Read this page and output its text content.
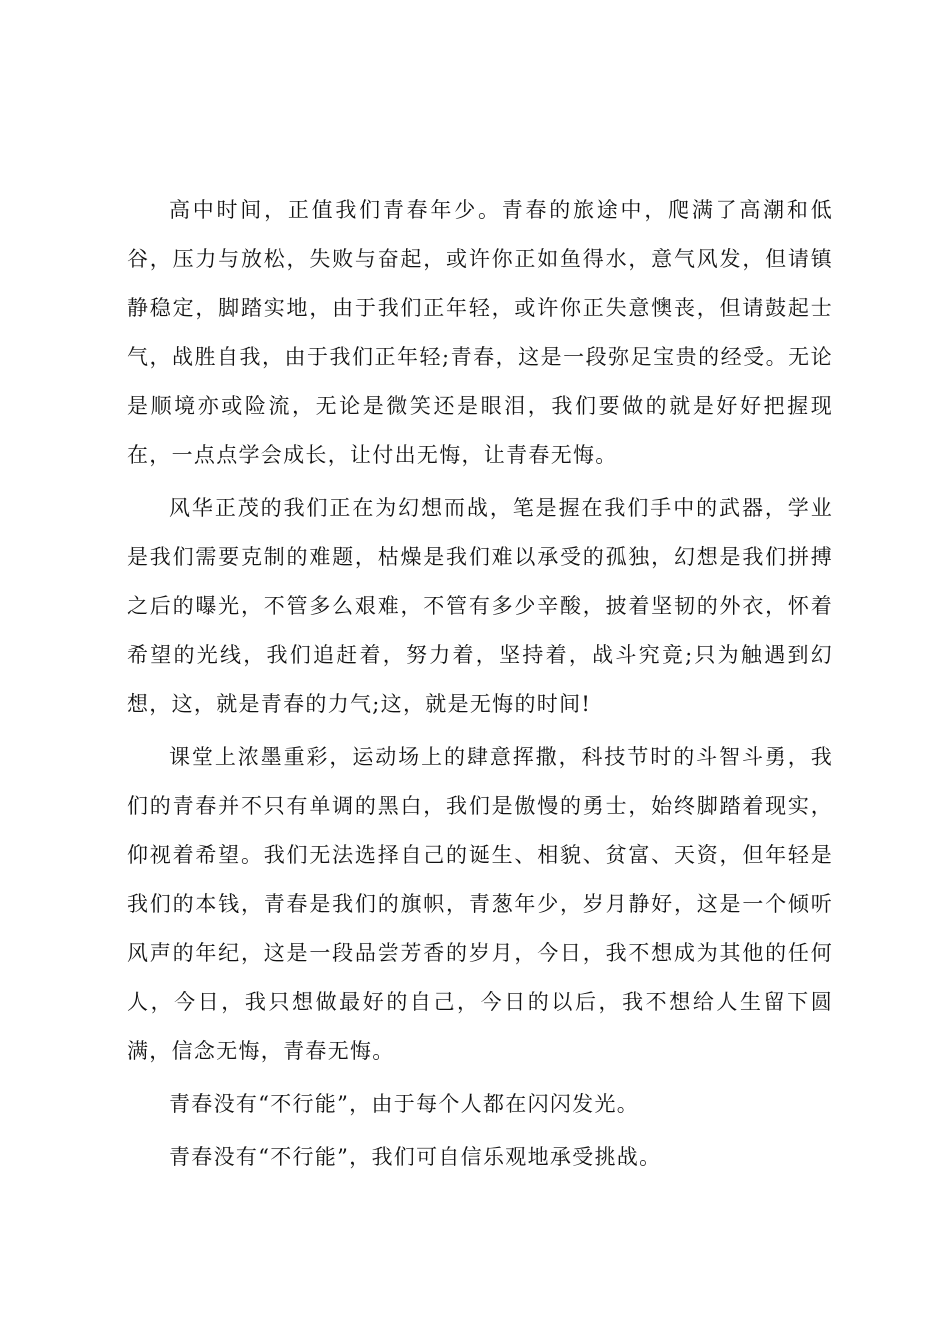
高中时间，正值我们青春年少。青春的旅途中，爬满了高潮和低谷，压力与放松，失败与奋起，或许你正如鱼得水，意气风发，但请镇静稳定，脚踏实地，由于我们正年轻，或许你正失意懊丧，但请鼓起士气，战胜自我，由于我们正年轻;青春，这是一段弥足宝贵的经受。无论是顺境亦或险流，无论是微笑还是眼泪，我们要做的就是好好把握现在，一点点学会成长，让付出无悔，让青春无悔。

风华正茂的我们正在为幻想而战，笔是握在我们手中的武器，学业是我们需要克制的难题，枯燥是我们难以承受的孤独，幻想是我们拼搏之后的曝光，不管多么艰难，不管有多少辛酸，披着坚韧的外衣，怀着希望的光线，我们追赶着，努力着，坚持着，战斗究竟;只为触遇到幻想，这，就是青春的力气;这，就是无悔的时间!

课堂上浓墨重彩，运动场上的肆意挥撒，科技节时的斗智斗勇，我们的青春并不只有单调的黑白，我们是傲慢的勇士，始终脚踏着现实，仰视着希望。我们无法选择自己的诞生、相貌、贫富、天资，但年轻是我们的本钱，青春是我们的旗帜，青葱年少，岁月静好，这是一个倾听风声的年纪，这是一段品尝芳香的岁月，今日，我不想成为其他的任何人，今日，我只想做最好的自己，今日的以后，我不想给人生留下圆满，信念无悔，青春无悔。

青春没有“不行能”，由于每个人都在闪闪发光。

青春没有“不行能”，我们可自信乐观地承受挑战。
